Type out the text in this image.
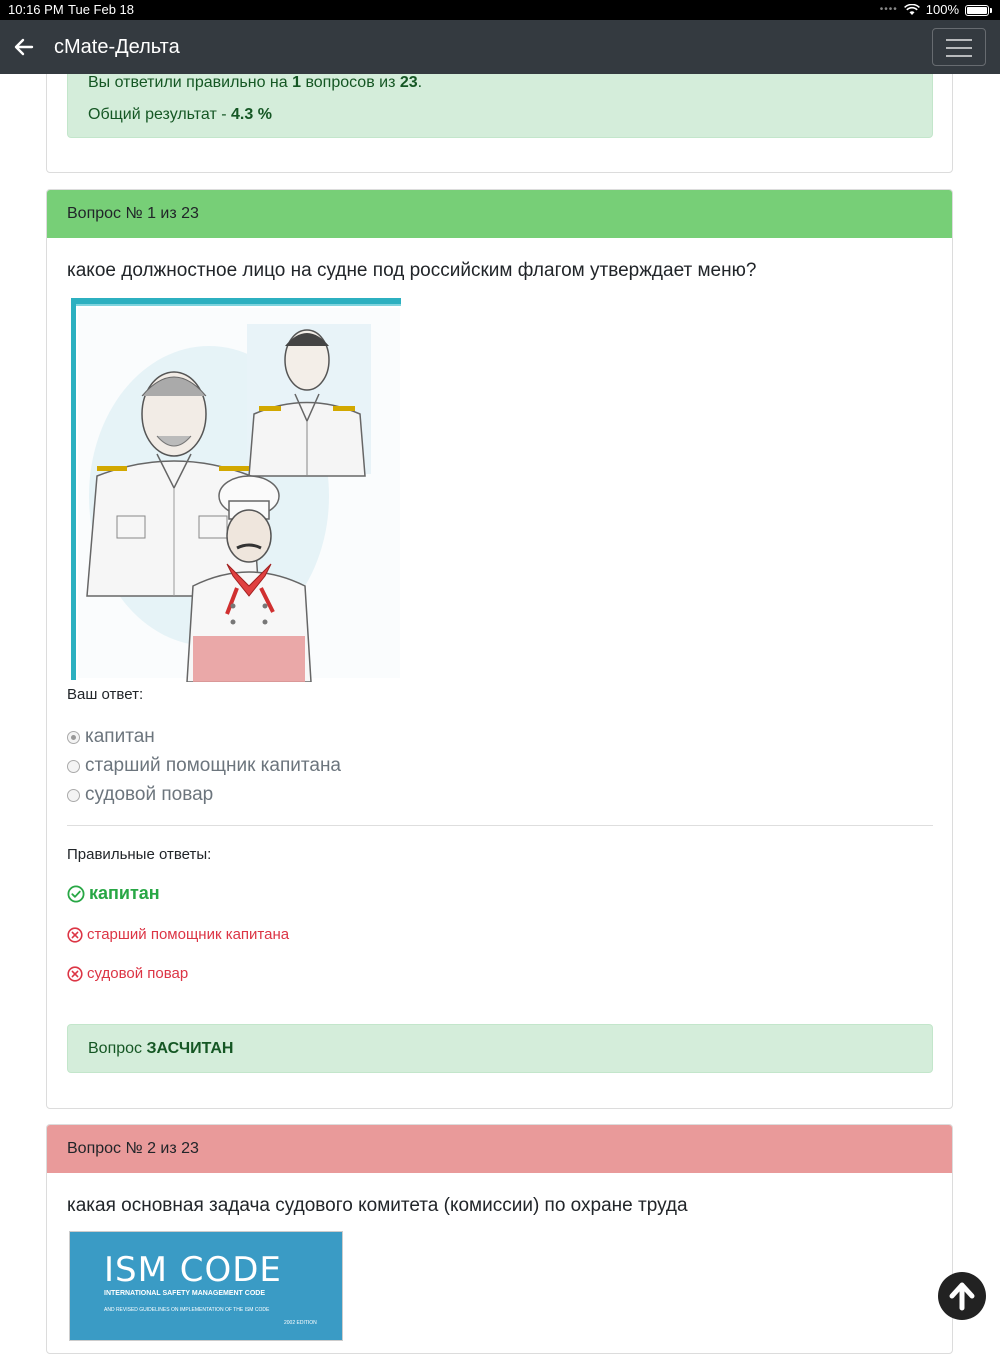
10:16 PM Tue Feb 18	•••• 100%
cMate-Дельта
Вы ответили правильно на 1 вопросов из 23.
Общий результат - 4.3 %
Вопрос № 1 из 23
какое должностное лицо на судне под российским флагом утверждает меню?
Ваш ответ:
капитан
старший помощник капитана
судовой повар
Правильные ответы:
капитан
старший помощник капитана
судовой повар
Вопрос ЗАСЧИТАН
Вопрос № 2 из 23
какая основная задача судового комитета (комиссии) по охране труда
ISM CODE
INTERNATIONAL SAFETY MANAGEMENT CODE
AND REVISED GUIDELINES ON IMPLEMENTATION OF THE ISM CODE
2002 EDITION
